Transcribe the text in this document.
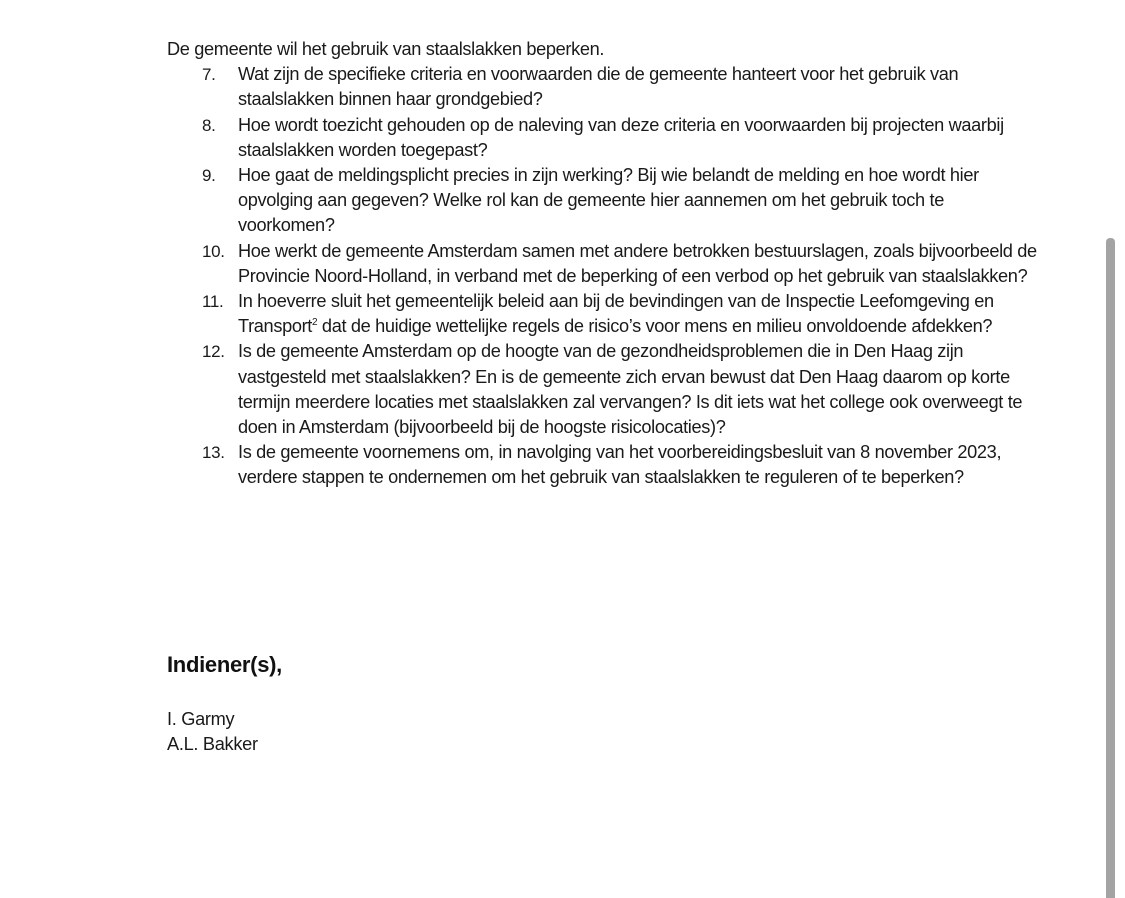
De gemeente wil het gebruik van staalslakken beperken.

7.	Wat zijn de specifieke criteria en voorwaarden die de gemeente hanteert voor het gebruik van staalslakken binnen haar grondgebied?
8.	Hoe wordt toezicht gehouden op de naleving van deze criteria en voorwaarden bij projecten waarbij staalslakken worden toegepast?
9.	Hoe gaat de meldingsplicht precies in zijn werking? Bij wie belandt de melding en hoe wordt hier opvolging aan gegeven? Welke rol kan de gemeente hier aannemen om het gebruik toch te voorkomen?
10. Hoe werkt de gemeente Amsterdam samen met andere betrokken bestuurslagen, zoals bijvoorbeeld de Provincie Noord-Holland, in verband met de beperking of een verbod op het gebruik van staalslakken?
11. In hoeverre sluit het gemeentelijk beleid aan bij de bevindingen van de Inspectie Leefomgeving en Transport$^2$ dat de huidige wettelijke regels de risico’s voor mens en milieu onvoldoende afdekken?
12. Is de gemeente Amsterdam op de hoogte van de gezondheidsproblemen die in Den Haag zijn vastgesteld met staalslakken? En is de gemeente zich ervan bewust dat Den Haag daarom op korte termijn meerdere locaties met staalslakken zal vervangen? Is dit iets wat het college ook overweegt te doen in Amsterdam (bijvoorbeeld bij de hoogste risicolocaties)?
13. Is de gemeente voornemens om, in navolging van het voorbereidingsbesluit van 8 november 2023, verdere stappen te ondernemen om het gebruik van staalslakken te reguleren of te beperken?
Indiener(s),
I. Garmy
A.L. Bakker
